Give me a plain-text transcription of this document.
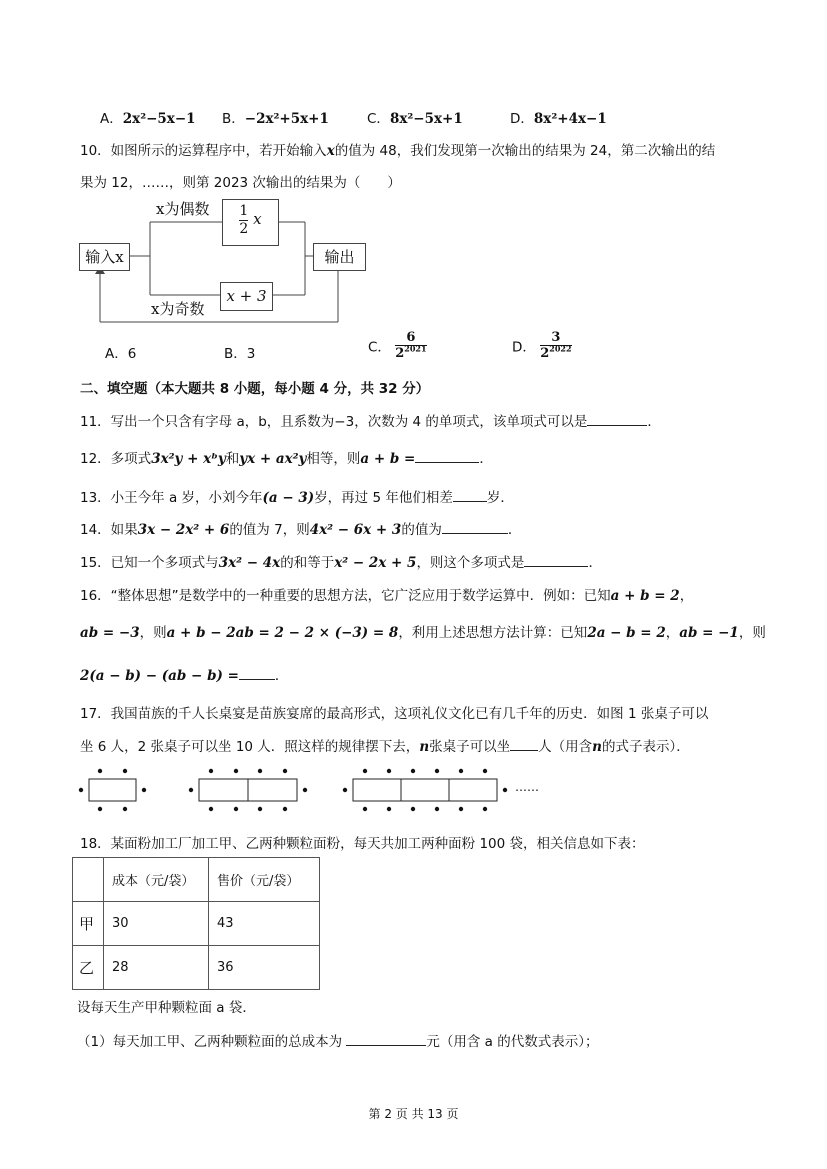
A．2x²−5x−1 B．−2x²+5x+1	C．8x²−5x+1	D．8x²+4x−1
10．如图所示的运算程序中，若开始输入x的值为 48，我们发现第一次输出的结果为 24，第二次输出的结
果为 12，……，则第 2023 次输出的结果为（　　）
输入x
x为偶数 $\frac{1}{2}$ x
x + 3
x为奇数
输出
A．6	B．3	C． $\frac{6}{2^{2021}}$	D． $\frac{3}{2^{2022}}$
二、填空题（本大题共 8 小题，每小题 4 分，共 32 分）
11．写出一个只含有字母 a，b，且系数为−3，次数为 4 的单项式，该单项式可以是	．
12．多项式3x²y + xᵇy和yx + ax²y相等，则a + b =	．
13．小王今年 a 岁，小刘今年(a − 3)岁，再过 5 年他们相差	岁．
14．如果3x − 2x² + 6的值为 7，则4x² − 6x + 3的值为	．
15．已知一个多项式与3x² − 4x的和等于x² − 2x + 5，则这个多项式是	．
16．“整体思想”是数学中的一种重要的思想方法，它广泛应用于数学运算中．例如：已知a + b = 2，
ab = −3，则a + b − 2ab = 2 − 2 × (−3) = 8，利用上述思想方法计算：已知2a − b = 2，ab = −1，则
2(a − b) − (ab − b) =	．
17．我国苗族的千人长桌宴是苗族宴席的最高形式，这项礼仪文化已有几千年的历史．如图 1 张桌子可以
坐 6 人，2 张桌子可以坐 10 人．照这样的规律摆下去，n张桌子可以坐 人（用含n的式子表示）．
……
18．某面粉加工厂加工甲、乙两种颗粒面粉，每天共加工两种面粉 100 袋，相关信息如下表：
	成本（元/袋）	售价（元/袋）
甲	30	43
乙	28	36
设每天生产甲种颗粒面 a 袋．
（1）每天加工甲、乙两种颗粒面的总成本为	元（用含 a 的代数式表示）；
第 2 页 共 13 页
